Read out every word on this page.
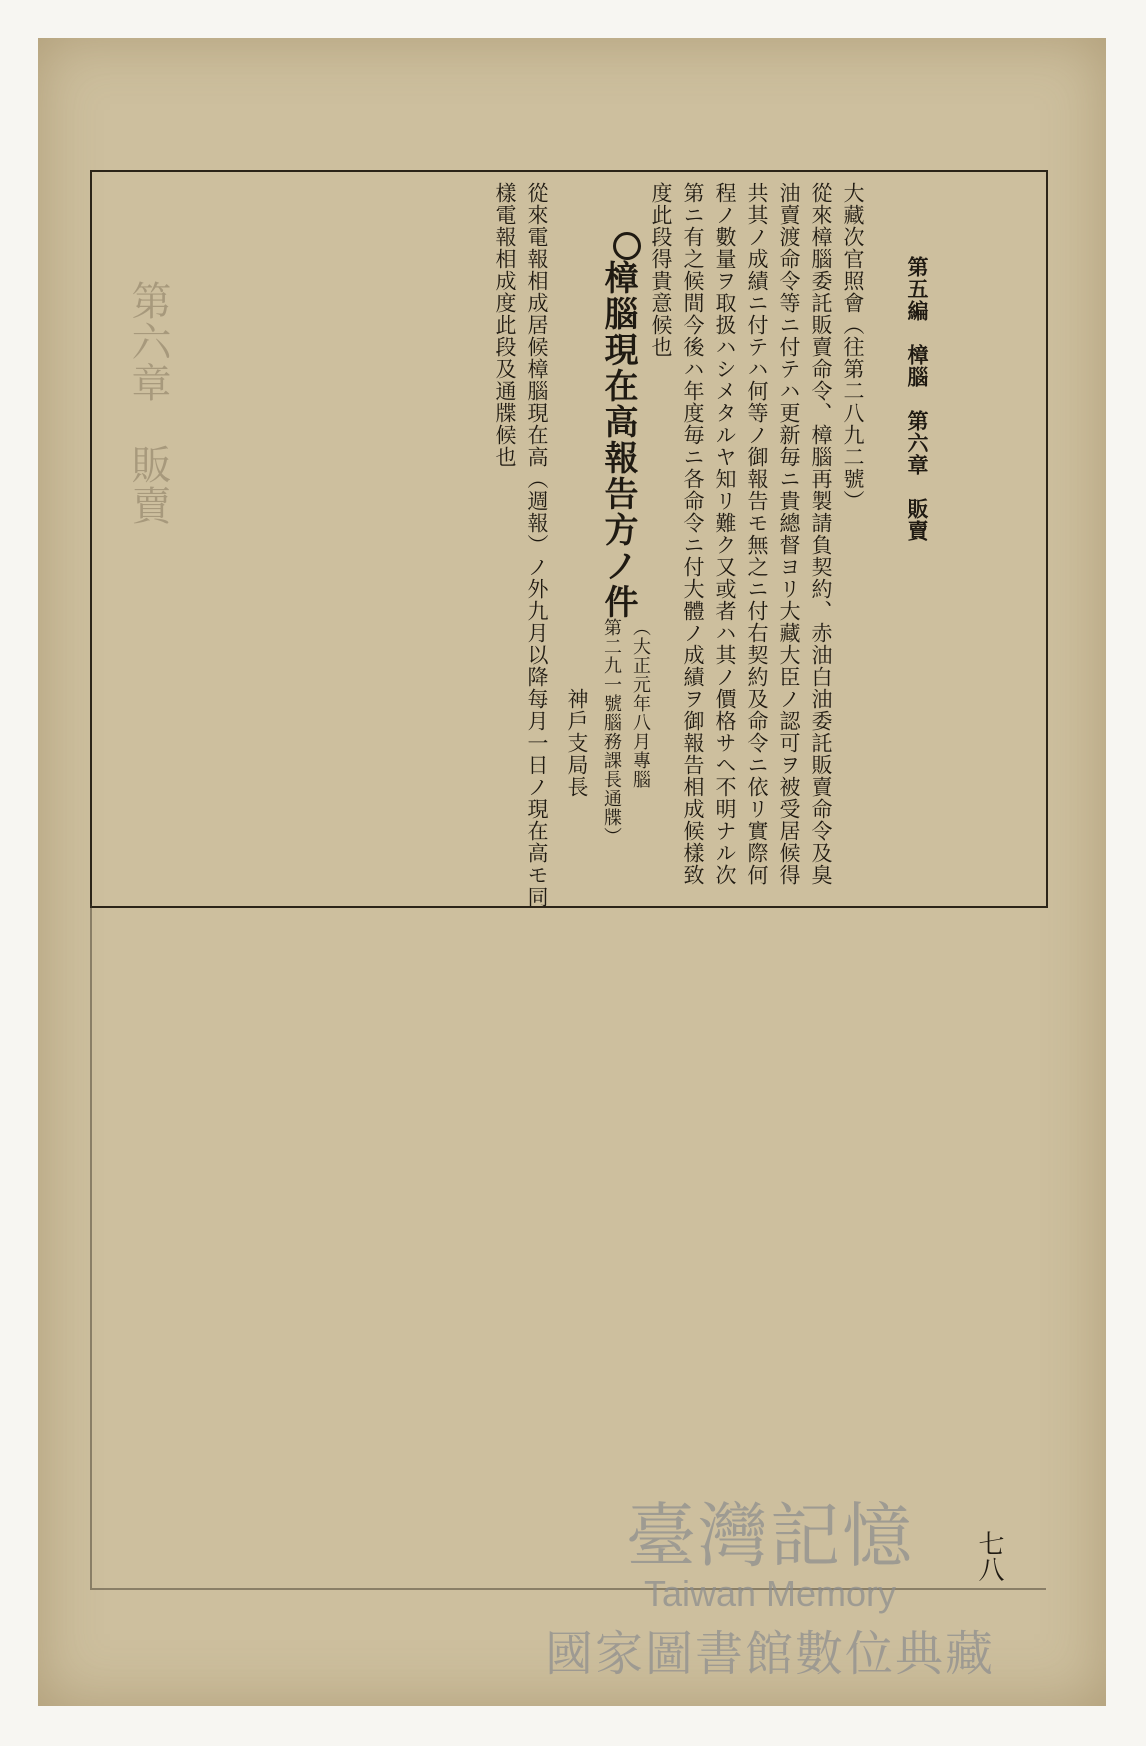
第六章　販賣	第五編　樟腦　第六章　販賣
大藏次官照會（往第二八九二號）
從來樟腦委託販賣命令、樟腦再製請負契約、赤油白油委託販賣命令及臭
油賣渡命令等ニ付テハ更新毎ニ貴總督ヨリ大藏大臣ノ認可ヲ被受居候得
共其ノ成績ニ付テハ何等ノ御報告モ無之ニ付右契約及命令ニ依リ實際何
程ノ數量ヲ取扱ハシメタルヤ知リ難ク又或者ハ其ノ價格サヘ不明ナル次
第ニ有之候間今後ハ年度毎ニ各命令ニ付大體ノ成績ヲ御報告相成候樣致
度此段得貴意候也
樟腦現在高報告方ノ件
（大正元年八月專腦
第二九一號腦務課長通牒）
神戶支局長
從來電報相成居候樟腦現在高（週報）ノ外九月以降每月一日ノ現在高モ同
樣電報相成度此段及通牒候也
七八
臺灣記憶
Taiwan Memory
國家圖書館數位典藏
